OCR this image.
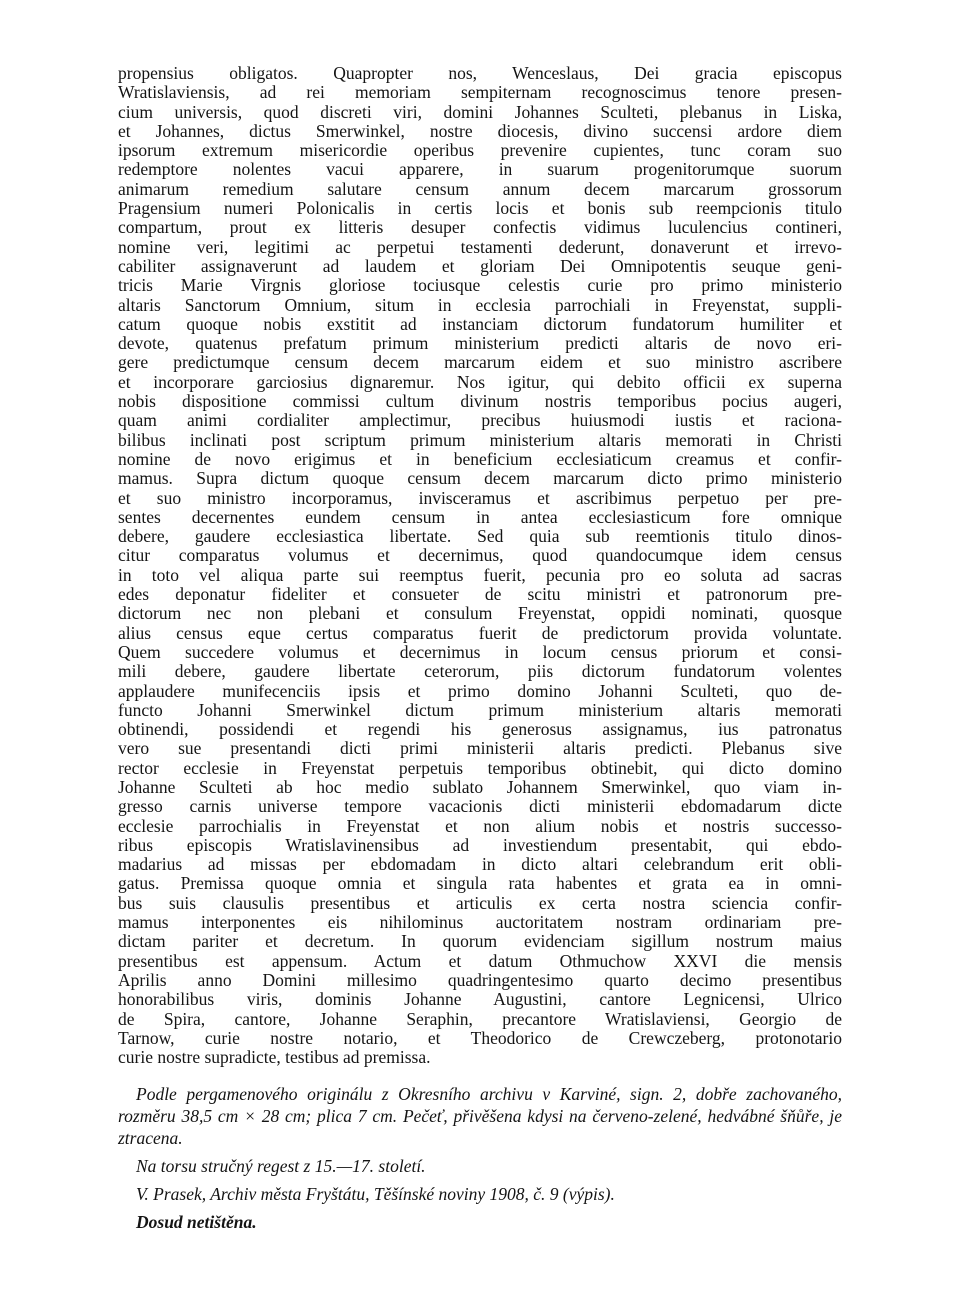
propensius obligatos. Quapropter nos, Wenceslaus, Dei gracia episcopus
Wratislaviensis, ad rei memoriam sempiternam recognoscimus tenore presen-
cium universis, quod discreti viri, domini Johannes Sculteti, plebanus in Liska,
et Johannes, dictus Smerwinkel, nostre diocesis, divino succensi ardore diem
ipsorum extremum misericordie operibus prevenire cupientes, tunc coram suo
redemptore nolentes vacui apparere, in suarum progenitorumque suorum
animarum remedium salutare censum annum decem marcarum grossorum
Pragensium numeri Polonicalis in certis locis et bonis sub reempcionis titulo
compartum, prout ex litteris desuper confectis vidimus luculencius contineri,
nomine veri, legitimi ac perpetui testamenti dederunt, donaverunt et irrevo-
cabiliter assignaverunt ad laudem et gloriam Dei Omnipotentis seuque geni-
tricis Marie Virgnis gloriose tociusque celestis curie pro primo ministerio
altaris Sanctorum Omnium, situm in ecclesia parrochiali in Freyenstat, suppli-
catum quoque nobis exstitit ad instanciam dictorum fundatorum humiliter et
devote, quatenus prefatum primum ministerium predicti altaris de novo eri-
gere predictumque censum decem marcarum eidem et suo ministro ascribere
et incorporare garciosius dignaremur. Nos igitur, qui debito officii ex superna
nobis dispositione commissi cultum divinum nostris temporibus pocius augeri,
quam animi cordialiter amplectimur, precibus huiusmodi iustis et raciona-
bilibus inclinati post scriptum primum ministerium altaris memorati in Christi
nomine de novo erigimus et in beneficium ecclesiaticum creamus et confir-
mamus. Supra dictum quoque censum decem marcarum dicto primo ministerio
et suo ministro incorporamus, invisceramus et ascribimus perpetuo per pre-
sentes decernentes eundem censum in antea ecclesiasticum fore omnique
debere, gaudere ecclesiastica libertate. Sed quia sub reemtionis titulo dinos-
citur comparatus volumus et decernimus, quod quandocumque idem census
in toto vel aliqua parte sui reemptus fuerit, pecunia pro eo soluta ad sacras
edes deponatur fideliter et consueter de scitu ministri et patronorum pre-
dictorum nec non plebani et consulum Freyenstat, oppidi nominati, quosque
alius census eque certus comparatus fuerit de predictorum provida voluntate.
Quem succedere volumus et decernimus in locum census priorum et consi-
mili debere, gaudere libertate ceterorum, piis dictorum fundatorum volentes
applaudere munifecenciis ipsis et primo domino Johanni Sculteti, quo de-
functo Johanni Smerwinkel dictum primum ministerium altaris memorati
obtinendi, possidendi et regendi his generosus assignamus, ius patronatus
vero sue presentandi dicti primi ministerii altaris predicti. Plebanus sive
rector ecclesie in Freyenstat perpetuis temporibus obtinebit, qui dicto domino
Johanne Sculteti ab hoc medio sublato Johannem Smerwinkel, quo viam in-
gresso carnis universe tempore vacacionis dicti ministerii ebdomadarum dicte
ecclesie parrochialis in Freyenstat et non alium nobis et nostris successo-
ribus episcopis Wratislavinensibus ad investiendum presentabit, qui ebdo-
madarius ad missas per ebdomadam in dicto altari celebrandum erit obli-
gatus. Premissa quoque omnia et singula rata habentes et grata ea in omni-
bus suis clausulis presentibus et articulis ex certa nostra sciencia confir-
mamus interponentes eis nihilominus auctoritatem nostram ordinariam pre-
dictam pariter et decretum. In quorum evidenciam sigillum nostrum maius
presentibus est appensum. Actum et datum Othmuchow XXVI die mensis
Aprilis anno Domini millesimo quadringentesimo quarto decimo presentibus
honorabilibus viris, dominis Johanne Augustini, cantore Legnicensi, Ulrico
de Spira, cantore, Johanne Seraphin, precantore Wratislaviensi, Georgio de
Tarnow, curie nostre notario, et Theodorico de Crewczeberg, protonotario
curie nostre supradicte, testibus ad premissa.

Podle pergamenového originálu z Okresního archivu v Karviné, sign. 2, dobře zachovaného, rozměru 38,5 cm × 28 cm; plica 7 cm. Pečeť, přivěšena kdysi na červeno-zelené, hedvábné šňůře, je ztracena.

Na torsu stručný regest z 15.—17. století.

V. Prasek, Archiv města Fryštátu, Těšínské noviny 1908, č. 9 (výpis).

Dosud netištěna.
